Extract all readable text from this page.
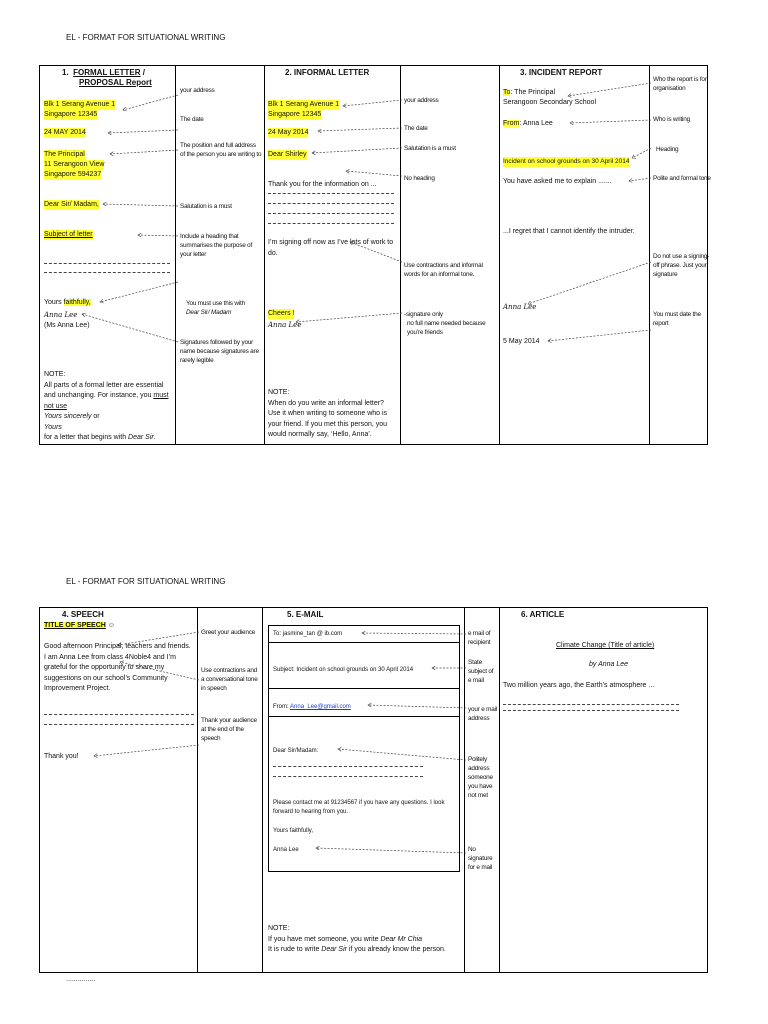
EL - FORMAT FOR SITUATIONAL WRITING
EL - FORMAT FOR SITUATIONAL WRITING
1. FORMAL LETTER /
PROPOSAL Report
Blk 1 Serang Avenue 1
Singapore 12345
24 MAY 2014
The Principal
11 Serangoon View
Singapore 594237
Dear Sir/ Madam,
Subject of letter
Yours faithfully,
Anna Lee
(Ms Anna Lee)
NOTE:
All parts of a formal letter are essential and unchanging. For instance, you must not use
Yours sincerely or
Yours
for a letter that begins with Dear Sir.
your address
The date
The position and full address of the person you are writing to
Salutation is a must
Include a heading that summarises the purpose of your letter
You must use this with
Dear Sir/ Madam
Signatures followed by your name because signatures are rarely legible
2. INFORMAL LETTER
Blk 1 Serang Avenue 1
Singapore 12345
24 May 2014
Dear Shirley
Thank you for the information on ...
I’m signing off now as I’ve lots of work to do.
Cheers !
Anna Lee
NOTE:
When do you write an informal letter? Use it when writing to someone who is your friend. If you met this person, you would normally say, ‘Hello, Anna’.
your address
The date
Salutation is a must
No heading
Use contractions and informal words for an informal tone.
-signature only
no full name needed because you’re friends
3. INCIDENT REPORT
To: The Principal
Serangoon Secondary School
From: Anna Lee
Incident on school grounds on 30 April 2014
You have asked me to explain .......
...I regret that I cannot identify the intruder.
Anna Lee
5 May 2014
Who the report is for; organisation
Who is writing
Heading
Polite and formal tone
Do not use a signing-off phrase. Just your signature
You must date the report
4. SPEECH
TITLE OF SPEECH ☺
Good afternoon Principal, teachers and friends. I am Anna Lee from class 4Noble4 and I’m grateful for the opportunity to share my suggestions on our school’s Community Improvement Project.
Thank you!
Greet your audience
Use contractions and a conversational tone in speech
Thank your audience at the end of the speech
5. E-MAIL
To: jasmine_tan @ ib.com
Subject: Incident on school grounds on 30 April 2014
From: Anna_Lee@gmail.com
Dear Sir/Madam:
Please contact me at 91234567 if you have any questions. I look forward to hearing from you.
Yours faithfully,
Anna Lee
NOTE:
If you have met someone, you write Dear Mr Chia
It is rude to write Dear Sir if you already know the person.
e mail of recipient
State subject of e mail
your e mail address
Politely address someone you have not met
No signature for e mail
6. ARTICLE
Climate Change (Title of article)
by Anna Lee
Two million years ago, the Earth’s atmosphere ...
...............
